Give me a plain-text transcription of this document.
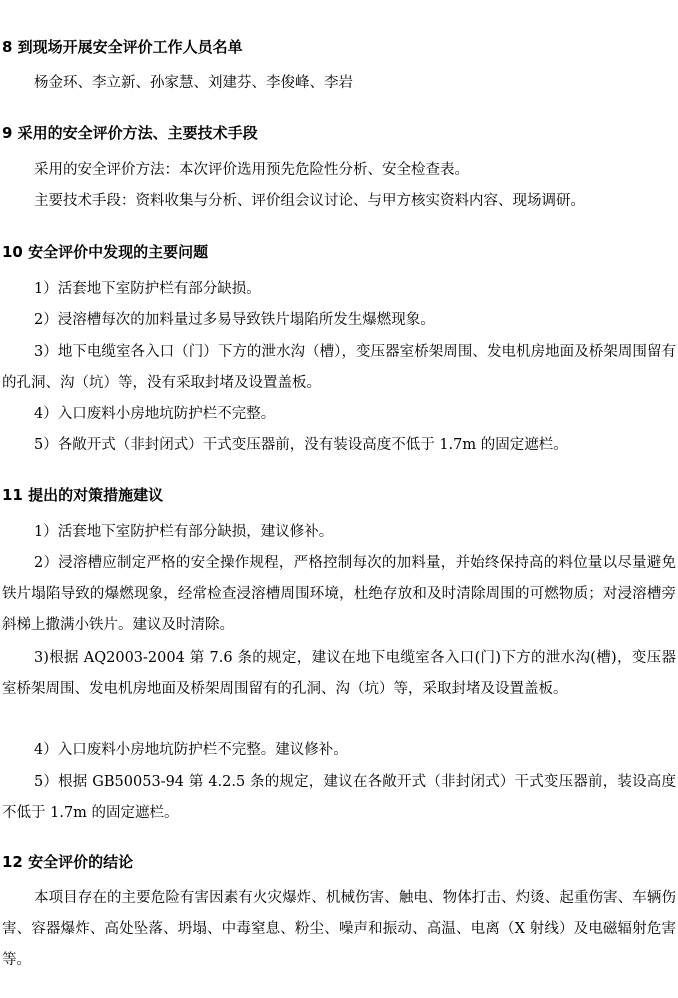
8 到现场开展安全评价工作人员名单

杨金环、李立新、孙家慧、刘建芬、李俊峰、李岩

9 采用的安全评价方法、主要技术手段

采用的安全评价方法：本次评价选用预先危险性分析、安全检查表。

主要技术手段：资料收集与分析、评价组会议讨论、与甲方核实资料内容、现场调研。

10 安全评价中发现的主要问题

1）活套地下室防护栏有部分缺损。

2）浸溶槽每次的加料量过多易导致铁片塌陷所发生爆燃现象。

3）地下电缆室各入口（门）下方的泄水沟（槽），变压器室桥架周围、发电机房地面及桥架周围留有的孔洞、沟（坑）等，没有采取封堵及设置盖板。

4）入口废料小房地坑防护栏不完整。

5）各敞开式（非封闭式）干式变压器前，没有装设高度不低于 1.7m 的固定遮栏。

11 提出的对策措施建议

1）活套地下室防护栏有部分缺损，建议修补。

2）浸溶槽应制定严格的安全操作规程，严格控制每次的加料量，并始终保持高的料位量以尽量避免铁片塌陷导致的爆燃现象，经常检查浸溶槽周围环境，杜绝存放和及时清除周围的可燃物质；对浸溶槽旁斜梯上撒满小铁片。建议及时清除。

3)根据 AQ2003-2004 第 7.6 条的规定，建议在地下电缆室各入口(门)下方的泄水沟(槽)，变压器室桥架周围、发电机房地面及桥架周围留有的孔洞、沟（坑）等，采取封堵及设置盖板。

4）入口废料小房地坑防护栏不完整。建议修补。

5）根据 GB50053-94 第 4.2.5 条的规定，建议在各敞开式（非封闭式）干式变压器前，装设高度不低于 1.7m 的固定遮栏。

12 安全评价的结论

本项目存在的主要危险有害因素有火灾爆炸、机械伤害、触电、物体打击、灼烫、起重伤害、车辆伤害、容器爆炸、高处坠落、坍塌、中毒窒息、粉尘、噪声和振动、高温、电离（X 射线）及电磁辐射危害等。
